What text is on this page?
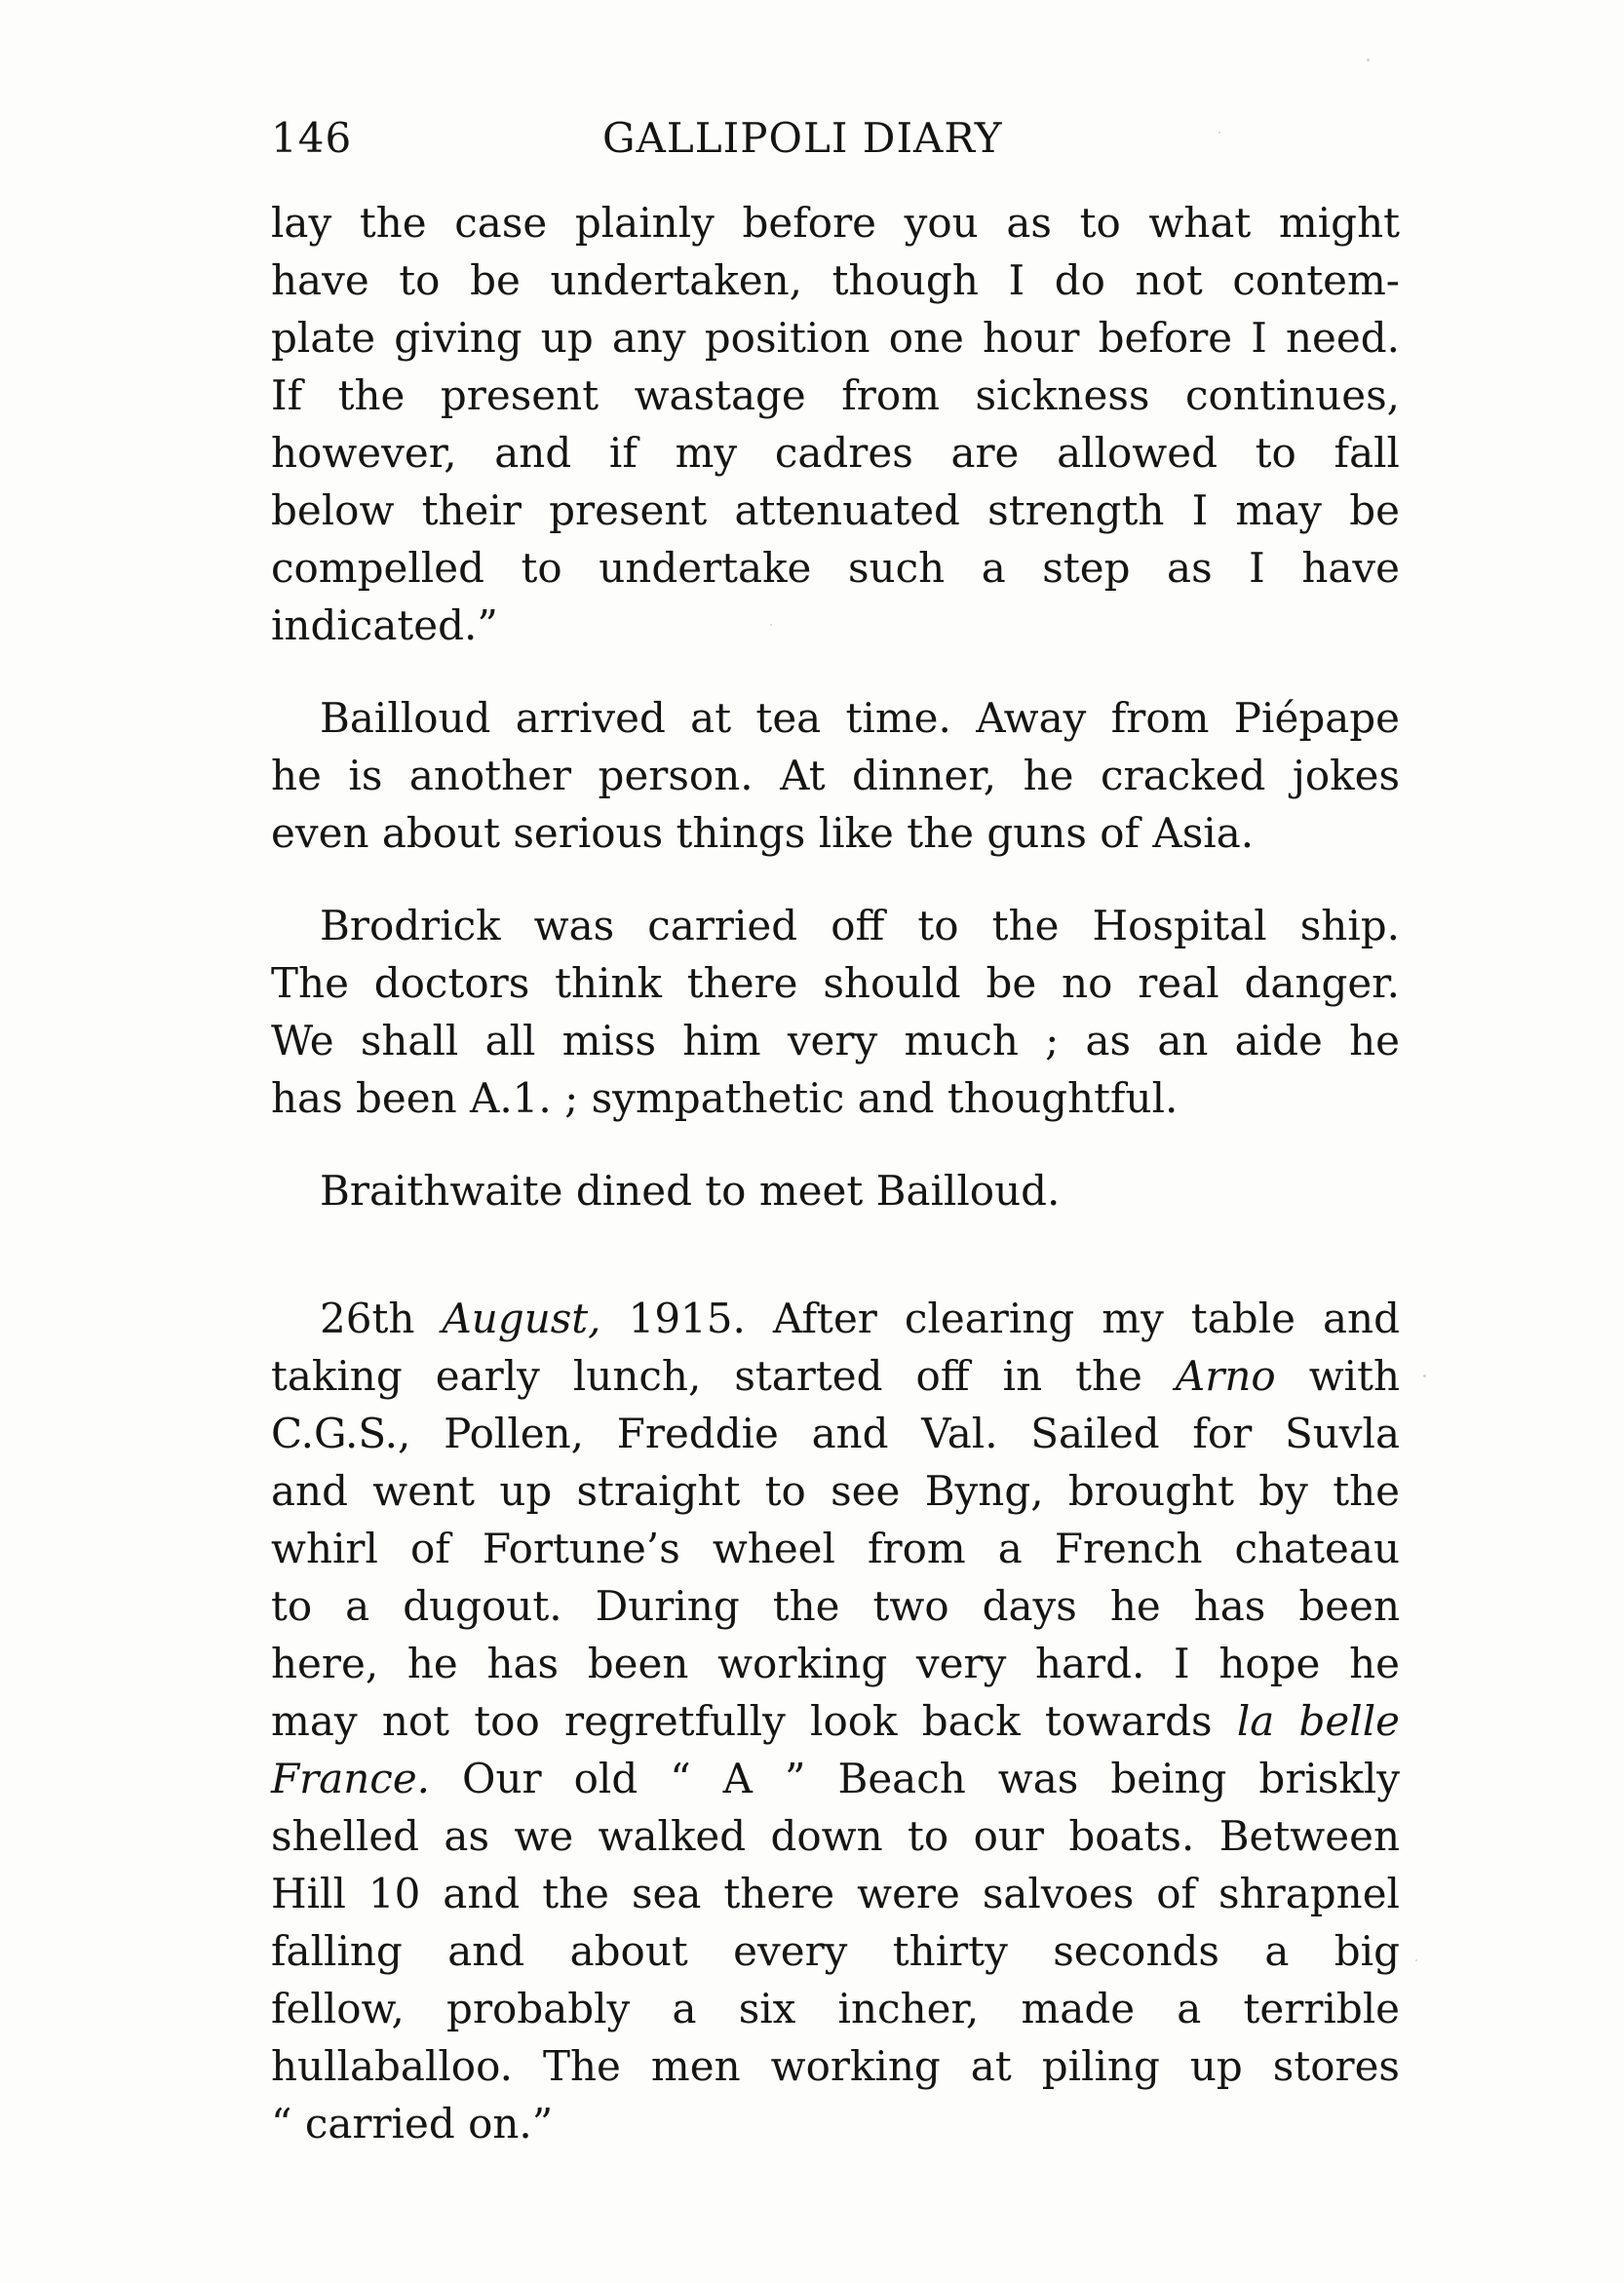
146	GALLIPOLI DIARY
lay the case plainly before you as to what might
have to be undertaken, though I do not contem-
plate giving up any position one hour before I need.
If the present wastage from sickness continues,
however, and if my cadres are allowed to fall
below their present attenuated strength I may be
compelled to undertake such a step as I have
indicated.”
Bailloud arrived at tea time. Away from Piépape
he is another person. At dinner, he cracked jokes
even about serious things like the guns of Asia.
Brodrick was carried off to the Hospital ship.
The doctors think there should be no real danger.
We shall all miss him very much ; as an aide he
has been A.1. ; sympathetic and thoughtful.
Braithwaite dined to meet Bailloud.
26th August, 1915. After clearing my table and
taking early lunch, started off in the Arno with
C.G.S., Pollen, Freddie and Val. Sailed for Suvla
and went up straight to see Byng, brought by the
whirl of Fortune’s wheel from a French chateau
to a dugout. During the two days he has been
here, he has been working very hard. I hope he
may not too regretfully look back towards la belle
France. Our old “ A ” Beach was being briskly
shelled as we walked down to our boats. Between
Hill 10 and the sea there were salvoes of shrapnel
falling and about every thirty seconds a big
fellow, probably a six incher, made a terrible
hullaballoo. The men working at piling up stores
“ carried on.”
